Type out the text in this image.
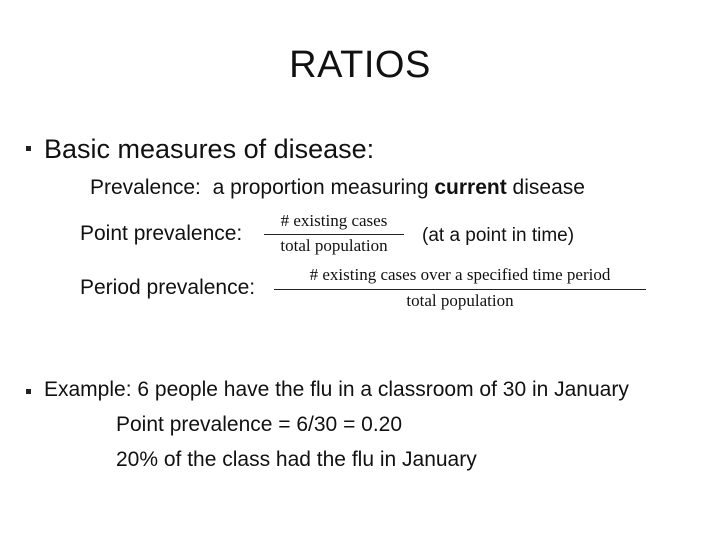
RATIOS
Basic measures of disease:
Prevalence:  a proportion measuring current disease
Point prevalence:
# existing cases
total population	(at a point in time)
Period prevalence:
# existing cases over a specified time period
total population
Example: 6 people have the flu in a classroom of 30 in January
Point prevalence = 6/30 = 0.20
20% of the class had the flu in January
